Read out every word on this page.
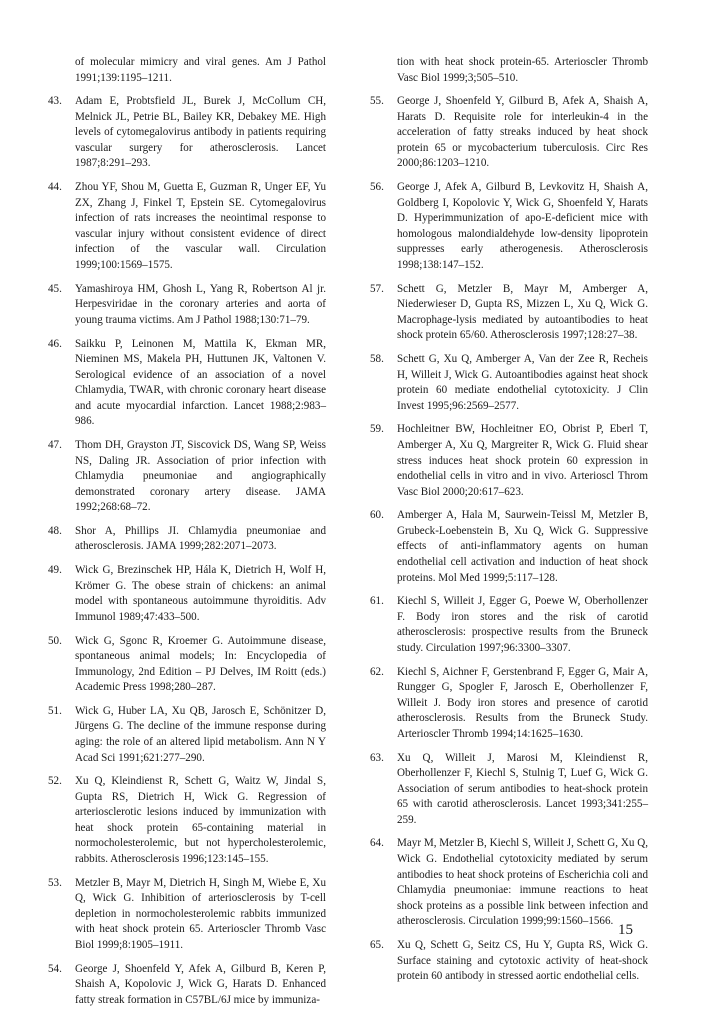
of molecular mimicry and viral genes. Am J Pathol 1991;139:1195–1211.
43. Adam E, Probtsfield JL, Burek J, McCollum CH, Melnick JL, Petrie BL, Bailey KR, Debakey ME. High levels of cytomegalovirus antibody in patients requiring vascular surgery for atherosclerosis. Lancet 1987;8:291–293.
44. Zhou YF, Shou M, Guetta E, Guzman R, Unger EF, Yu ZX, Zhang J, Finkel T, Epstein SE. Cytomegalovirus infection of rats increases the neointimal response to vascular injury without consistent evidence of direct infection of the vascular wall. Circulation 1999;100:1569–1575.
45. Yamashiroya HM, Ghosh L, Yang R, Robertson Al jr. Herpesviridae in the coronary arteries and aorta of young trauma victims. Am J Pathol 1988;130:71–79.
46. Saikku P, Leinonen M, Mattila K, Ekman MR, Nieminen MS, Makela PH, Huttunen JK, Valtonen V. Serological evidence of an association of a novel Chlamydia, TWAR, with chronic coronary heart disease and acute myocardial infarction. Lancet 1988;2:983–986.
47. Thom DH, Grayston JT, Siscovick DS, Wang SP, Weiss NS, Daling JR. Association of prior infection with Chlamydia pneumoniae and angiographically demonstrated coronary artery disease. JAMA 1992;268:68–72.
48. Shor A, Phillips JI. Chlamydia pneumoniae and atherosclerosis. JAMA 1999;282:2071–2073.
49. Wick G, Brezinschek HP, Hála K, Dietrich H, Wolf H, Krömer G. The obese strain of chickens: an animal model with spontaneous autoimmune thyroiditis. Adv Immunol 1989;47:433–500.
50. Wick G, Sgonc R, Kroemer G. Autoimmune disease, spontaneous animal models; In: Encyclopedia of Immunology, 2nd Edition – PJ Delves, IM Roitt (eds.) Academic Press 1998;280–287.
51. Wick G, Huber LA, Xu QB, Jarosch E, Schönitzer D, Jürgens G. The decline of the immune response during aging: the role of an altered lipid metabolism. Ann N Y Acad Sci 1991;621:277–290.
52. Xu Q, Kleindienst R, Schett G, Waitz W, Jindal S, Gupta RS, Dietrich H, Wick G. Regression of arteriosclerotic lesions induced by immunization with heat shock protein 65-containing material in normocholesterolemic, but not hypercholesterolemic, rabbits. Atherosclerosis 1996;123:145–155.
53. Metzler B, Mayr M, Dietrich H, Singh M, Wiebe E, Xu Q, Wick G. Inhibition of arteriosclerosis by T-cell depletion in normocholesterolemic rabbits immunized with heat shock protein 65. Arterioscler Thromb Vasc Biol 1999;8:1905–1911.
54. George J, Shoenfeld Y, Afek A, Gilburd B, Keren P, Shaish A, Kopolovic J, Wick G, Harats D. Enhanced fatty streak formation in C57BL/6J mice by immuniza-
tion with heat shock protein-65. Arterioscler Thromb Vasc Biol 1999;3;505–510.
55. George J, Shoenfeld Y, Gilburd B, Afek A, Shaish A, Harats D. Requisite role for interleukin-4 in the acceleration of fatty streaks induced by heat shock protein 65 or mycobacterium tuberculosis. Circ Res 2000;86:1203–1210.
56. George J, Afek A, Gilburd B, Levkovitz H, Shaish A, Goldberg I, Kopolovic Y, Wick G, Shoenfeld Y, Harats D. Hyperimmunization of apo-E-deficient mice with homologous malondialdehyde low-density lipoprotein suppresses early atherogenesis. Atherosclerosis 1998;138:147–152.
57. Schett G, Metzler B, Mayr M, Amberger A, Niederwieser D, Gupta RS, Mizzen L, Xu Q, Wick G. Macrophage-lysis mediated by autoantibodies to heat shock protein 65/60. Atherosclerosis 1997;128:27–38.
58. Schett G, Xu Q, Amberger A, Van der Zee R, Recheis H, Willeit J, Wick G. Autoantibodies against heat shock protein 60 mediate endothelial cytotoxicity. J Clin Invest 1995;96:2569–2577.
59. Hochleitner BW, Hochleitner EO, Obrist P, Eberl T, Amberger A, Xu Q, Margreiter R, Wick G. Fluid shear stress induces heat shock protein 60 expression in endothelial cells in vitro and in vivo. Arterioscl Throm Vasc Biol 2000;20:617–623.
60. Amberger A, Hala M, Saurwein-Teissl M, Metzler B, Grubeck-Loebenstein B, Xu Q, Wick G. Suppressive effects of anti-inflammatory agents on human endothelial cell activation and induction of heat shock proteins. Mol Med 1999;5:117–128.
61. Kiechl S, Willeit J, Egger G, Poewe W, Oberhollenzer F. Body iron stores and the risk of carotid atherosclerosis: prospective results from the Bruneck study. Circulation 1997;96:3300–3307.
62. Kiechl S, Aichner F, Gerstenbrand F, Egger G, Mair A, Rungger G, Spogler F, Jarosch E, Oberhollenzer F, Willeit J. Body iron stores and presence of carotid atherosclerosis. Results from the Bruneck Study. Arterioscler Thromb 1994;14:1625–1630.
63. Xu Q, Willeit J, Marosi M, Kleindienst R, Oberhollenzer F, Kiechl S, Stulnig T, Luef G, Wick G. Association of serum antibodies to heat-shock protein 65 with carotid atherosclerosis. Lancet 1993;341:255–259.
64. Mayr M, Metzler B, Kiechl S, Willeit J, Schett G, Xu Q, Wick G. Endothelial cytotoxicity mediated by serum antibodies to heat shock proteins of Escherichia coli and Chlamydia pneumoniae: immune reactions to heat shock proteins as a possible link between infection and atherosclerosis. Circulation 1999;99:1560–1566.
65. Xu Q, Schett G, Seitz CS, Hu Y, Gupta RS, Wick G. Surface staining and cytotoxic activity of heat-shock protein 60 antibody in stressed aortic endothelial cells.
15
